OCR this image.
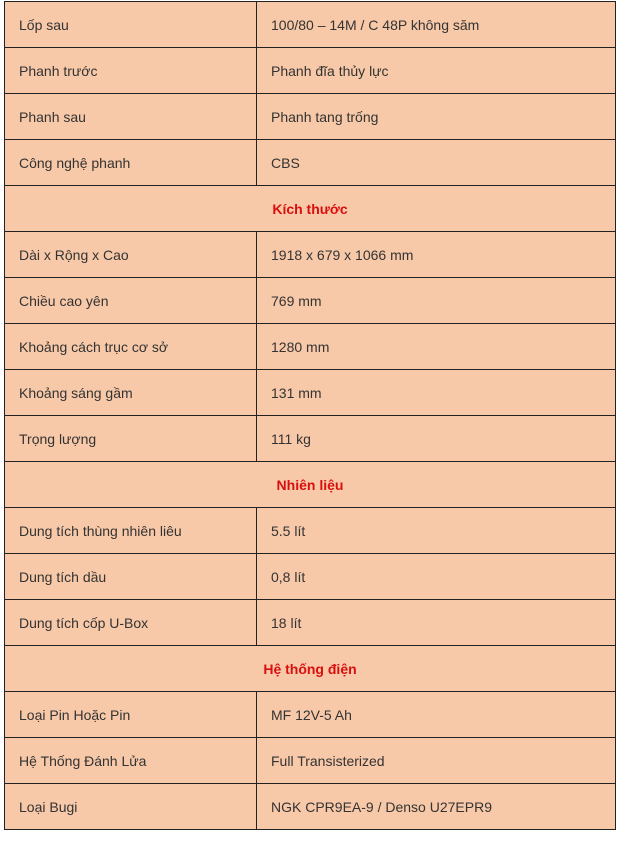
Lốp sau	100/80 – 14M / C 48P không săm
Phanh trước	Phanh đĩa thủy lực
Phanh sau	Phanh tang trống
Công nghệ phanh	CBS
Kích thước	
Dài x Rộng x Cao	1918 x 679 x 1066 mm
Chiều cao yên	769 mm
Khoảng cách trục cơ sở	1280 mm
Khoảng sáng gầm	131 mm
Trọng lượng	111 kg
Nhiên liệu	
Dung tích thùng nhiên liêu	5.5 lít
Dung tích dầu	0,8 lít
Dung tích cốp U-Box	18 lít
Hệ thống điện	
Loại Pin Hoặc Pin	MF 12V-5 Ah
Hệ Thống Đánh Lửa	Full Transisterized
Loại Bugi	NGK CPR9EA-9 / Denso U27EPR9
